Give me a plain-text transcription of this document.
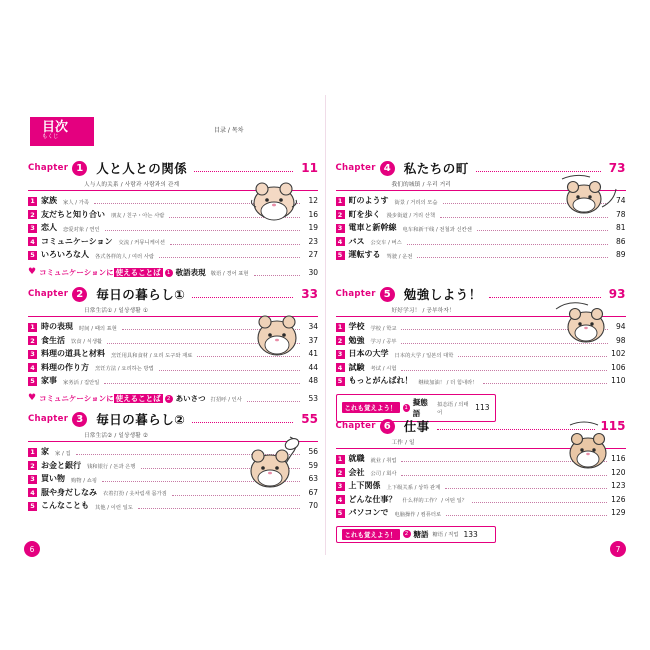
目次
もくじ
目录 / 목차
Chapter 1	人と人との関係	11
人与人的关系 / 사람과 사람과의 관계
1 家族 家人 / 가족	12
2 友だちと知り合い 朋友 / 친구・아는 사람	16
3 恋人 恋爱对象 / 연인	19
4 コミュニケーション 交流 / 커뮤니케이션	23
5 いろいろな人 各式各样的人 / 여러 사람	27
♥ コミュニケーションに 使えることば	1 敬語表現 敬语 / 경어 표현	30
Chapter 2	毎日の暮らし①	33
日常生活① / 일상생활 ①
1 時の表現 时间 / 때의 표현	34
2 食生活 饮食 / 식생활	37
3 料理の道具と材料 烹饪用具和食材 / 요리 도구와 재료	41
4 料理の作り方 烹饪方法 / 요리하는 방법	44
5 家事 家务活 / 집안일	48
♥ コミュニケーションに 使えることば	2 あいさつ 打招呼 / 인사	53
Chapter 3	毎日の暮らし②	55
日常生活② / 일상생활 ②
1 家 家 / 집	56
2 お金と銀行 钱和银行 / 돈과 은행	59
3 買い物 购物 / 쇼핑	63
4 服や身だしなみ 衣着打扮 / 옷차림새 몸가짐	67
5 こんなことも 其他 / 이런 일도	70
6
Chapter 4	私たちの町	73
我们的城镇 / 우리 거리
1 町のようす 街景 / 거리의 모습	74
2 町を歩く 漫步街道 / 거리 산책	78
3 電車と新幹線 电车和新干线 / 전철과 신칸센	81
4 バス 公交车 / 버스	86
5 運転する 驾驶 / 운전	89
Chapter 5	勉強しよう！	93
好好学习！ / 공부하자！
1 学校 学校 / 학교	94
2 勉強 学习 / 공부	98
3 日本の大学 日本的大学 / 일본의 대학	102
4 試験 考试 / 시험	106
5 もっとがんばれ！ 继续加油！ / 더 힘내라！	110
これも覚えよう！	1
擬態語
拟态语 / 의태어
113
Chapter 6	仕事	115
工作 / 일
1 就職 就业 / 취업	116
2 会社 公司 / 회사	120
3 上下関係 上下级关系 / 상하 관계	123
4 どんな仕事？ 什么样的工作？ / 어떤 일？	126
5 パソコンで 电脑操作 / 컴퓨터로	129
これも覚えよう！	2 糖語 糖语 / 직업 133
7
